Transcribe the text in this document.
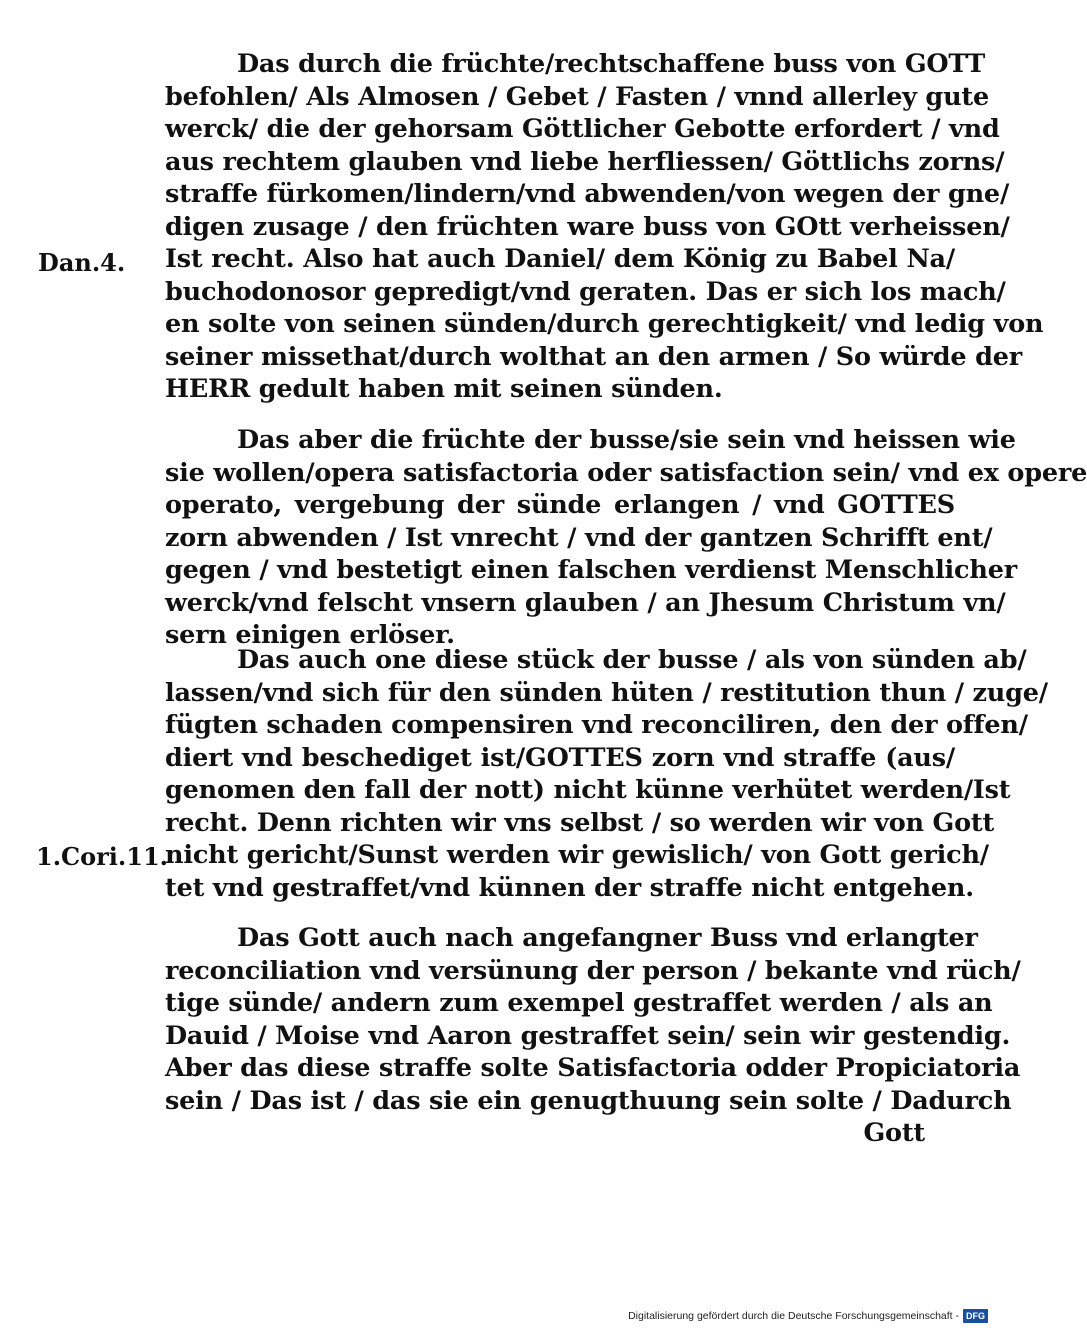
Das durch die früchte/rechtschaffene buss von GOTT
befohlen/ Als Almosen / Gebet / Fasten / vnnd allerley gute
werck/ die der gehorsam Göttlicher Gebotte erfordert / vnd
aus rechtem glauben vnd liebe herfliessen/ Göttlichs zorns/
straffe fürkomen/lindern/vnd abwenden/von wegen der gne/
digen zusage / den früchten ware buss von GOtt verheissen/
Ist recht. Also hat auch Daniel/ dem König zu Babel Na/
buchodonosor gepredigt/vnd geraten. Das er sich los mach/
en solte von seinen sünden/durch gerechtigkeit/ vnd ledig von
seiner missethat/durch wolthat an den armen / So würde der
HERR gedult haben mit seinen sünden.
Das aber die früchte der busse/sie sein vnd heissen wie
sie wollen/opera satisfactoria oder satisfaction sein/ vnd ex opere
operato, vergebung der sünde erlangen / vnd GOTTES
zorn abwenden / Ist vnrecht / vnd der gantzen Schrifft ent/
gegen / vnd bestetigt einen falschen verdienst Menschlicher
werck/vnd felscht vnsern glauben / an Jhesum Christum vn/
sern einigen erlöser.
Das auch one diese stück der busse / als von sünden ab/
lassen/vnd sich für den sünden hüten / restitution thun / zuge/
fügten schaden compensiren vnd reconciliren, den der offen/
diert vnd beschediget ist/GOTTES zorn vnd straffe (aus/
genomen den fall der nott) nicht künne verhütet werden/Ist
recht. Denn richten wir vns selbst / so werden wir von Gott
nicht gericht/Sunst werden wir gewislich/ von Gott gerich/
tet vnd gestraffet/vnd künnen der straffe nicht entgehen.
Das Gott auch nach angefangner Buss vnd erlangter
reconciliation vnd versünung der person / bekante vnd rüch/
tige sünde/ andern zum exempel gestraffet werden / als an
Dauid / Moise vnd Aaron gestraffet sein/ sein wir gestendig.
Aber das diese straffe solte Satisfactoria odder Propiciatoria
sein / Das ist / das sie ein genugthuung sein solte / Dadurch
Gott
Dan.4.
1.Cori.11.
Digitalisierung gefördert durch die Deutsche Forschungsgemeinschaft - DFG
